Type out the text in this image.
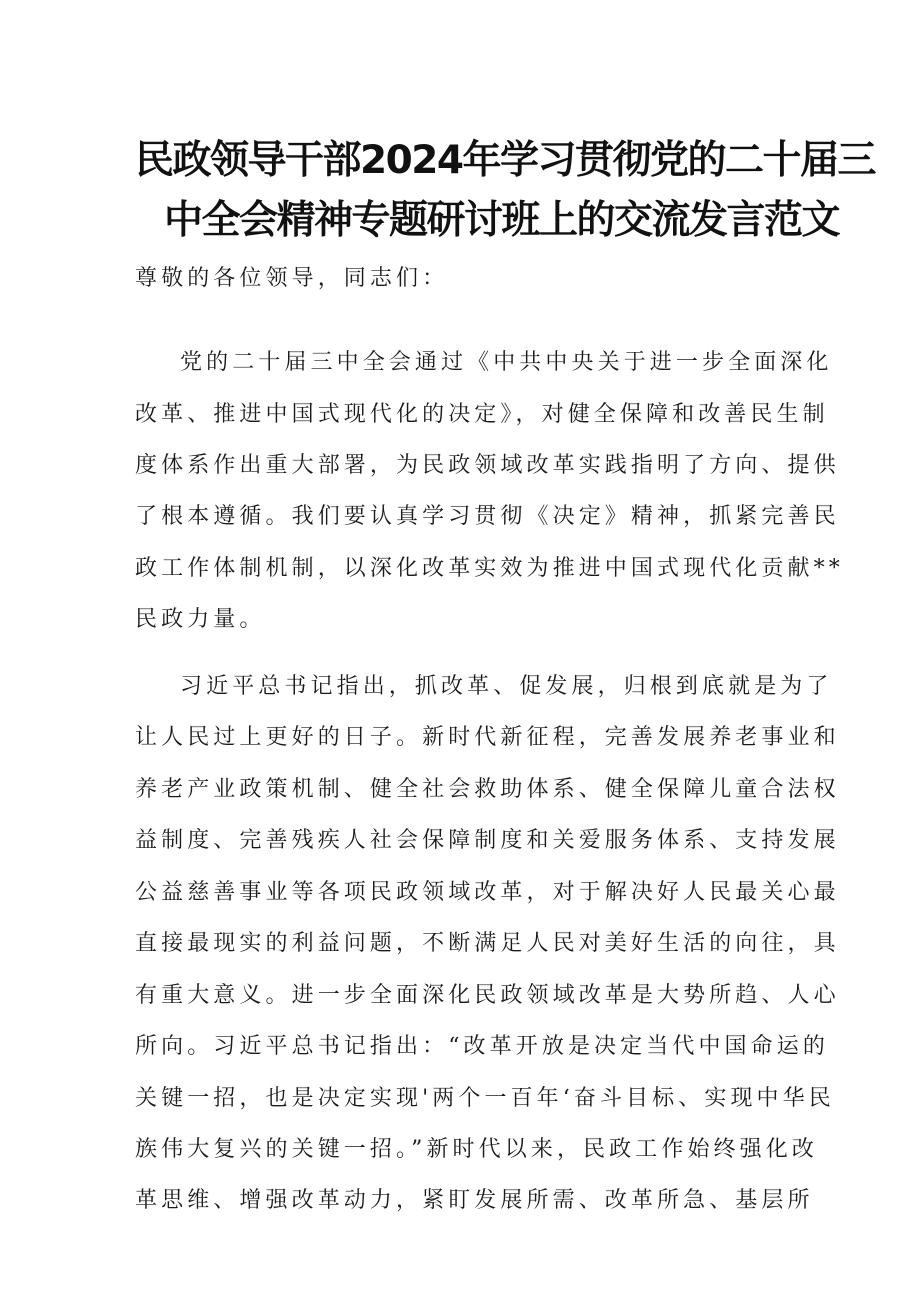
民政领导干部2024年学习贯彻党的二十届三
中全会精神专题研讨班上的交流发言范文
尊敬的各位领导，同志们：
党的二十届三中全会通过《中共中央关于进一步全面深化
改革、推进中国式现代化的决定》，对健全保障和改善民生制
度体系作出重大部署，为民政领域改革实践指明了方向、提供
了根本遵循。我们要认真学习贯彻《决定》精神，抓紧完善民
政工作体制机制，以深化改革实效为推进中国式现代化贡献**
民政力量。
习近平总书记指出，抓改革、促发展，归根到底就是为了
让人民过上更好的日子。新时代新征程，完善发展养老事业和
养老产业政策机制、健全社会救助体系、健全保障儿童合法权
益制度、完善残疾人社会保障制度和关爱服务体系、支持发展
公益慈善事业等各项民政领域改革，对于解决好人民最关心最
直接最现实的利益问题，不断满足人民对美好生活的向往，具
有重大意义。进一步全面深化民政领域改革是大势所趋、人心
所向。习近平总书记指出：“改革开放是决定当代中国命运的
关键一招，也是决定实现'两个一百年‘奋斗目标、实现中华民
族伟大复兴的关键一招。”新时代以来，民政工作始终强化改
革思维、增强改革动力，紧盯发展所需、改革所急、基层所
